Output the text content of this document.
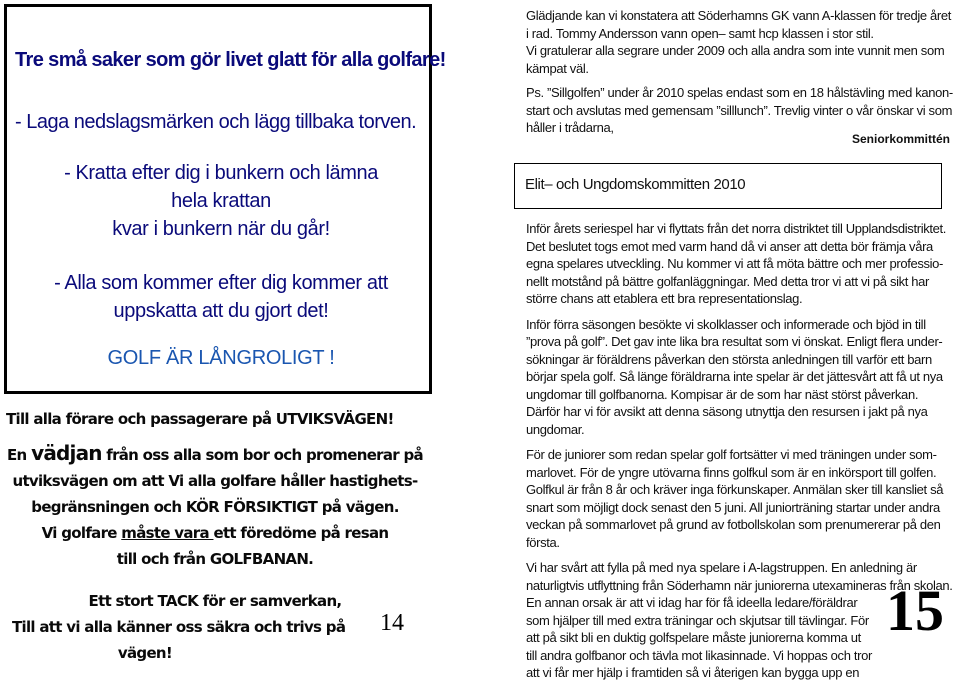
Tre små saker som gör livet glatt för alla golfare!
- Laga nedslagsmärken och lägg tillbaka torven.
- Kratta efter dig i bunkern och lämna
hela krattan
kvar i bunkern när du går!
- Alla som kommer efter dig kommer att
uppskatta att du gjort det!
GOLF ÄR LÅNGROLIGT !
Till alla förare och passagerare på UTVIKSVÄGEN!
En vädjan från oss alla som bor och promenerar på
utviksvägen om att Vi alla golfare håller hastighets-
begränsningen och KÖR FÖRSIKTIGT på vägen.
Vi golfare måste vara ett föredöme på resan
till och från GOLFBANAN.
Ett stort TACK för er samverkan,
Till att vi alla känner oss säkra och trivs på
vägen!
14
Glädjande kan vi konstatera att Söderhamns GK vann A-klassen för tredje året
i rad. Tommy Andersson vann open– samt hcp klassen i stor stil.
Vi gratulerar alla segrare under 2009 och alla andra som inte vunnit men som
kämpat väl.
Ps. ”Sillgolfen” under år 2010 spelas endast som en 18 hålstävling med kanon-
start och avslutas med gemensam ”silllunch”. Trevlig vinter o vår önskar vi som
håller i trådarna,
Seniorkommittén
Elit– och Ungdomskommitten 2010

Inför årets seriespel har vi flyttats från det norra distriktet till Upplandsdistriktet.
Det beslutet togs emot med varm hand då vi anser att detta bör främja våra
egna spelares utveckling. Nu kommer vi att få möta bättre och mer professio-
nellt motstånd på bättre golfanläggningar. Med detta tror vi att vi på sikt har
större chans att etablera ett bra representationslag.

Inför förra säsongen besökte vi skolklasser och informerade och bjöd in till
”prova på golf”. Det gav inte lika bra resultat som vi önskat. Enligt flera under-
sökningar är föräldrens påverkan den största anledningen till varför ett barn
börjar spela golf. Så länge föräldrarna inte spelar är det jättesvårt att få ut nya
ungdomar till golfbanorna. Kompisar är de som har näst störst påverkan.
Därför har vi för avsikt att denna säsong utnyttja den resursen i jakt på nya
ungdomar.

För de juniorer som redan spelar golf fortsätter vi med träningen under som-
marlovet. För de yngre utövarna finns golfkul som är en inkörsport till golfen.
Golfkul är från 8 år och kräver inga förkunskaper. Anmälan sker till kansliet så
snart som möjligt dock senast den 5 juni. All juniorträning startar under andra
veckan på sommarlovet på grund av fotbollskolan som prenumererar på den
första.

Vi har svårt att fylla på med nya spelare i A-lagstruppen. En anledning är
naturligtvis utflyttning från Söderhamn när juniorerna utexamineras från skolan.
En annan orsak är att vi idag har för få ideella ledare/föräldrar
som hjälper till med extra träningar och skjutsar till tävlingar. För
att på sikt bli en duktig golfspelare måste juniorerna komma ut
till andra golfbanor och tävla mot likasinnade. Vi hoppas och tror
att vi får mer hjälp i framtiden så vi återigen kan bygga upp en

15
